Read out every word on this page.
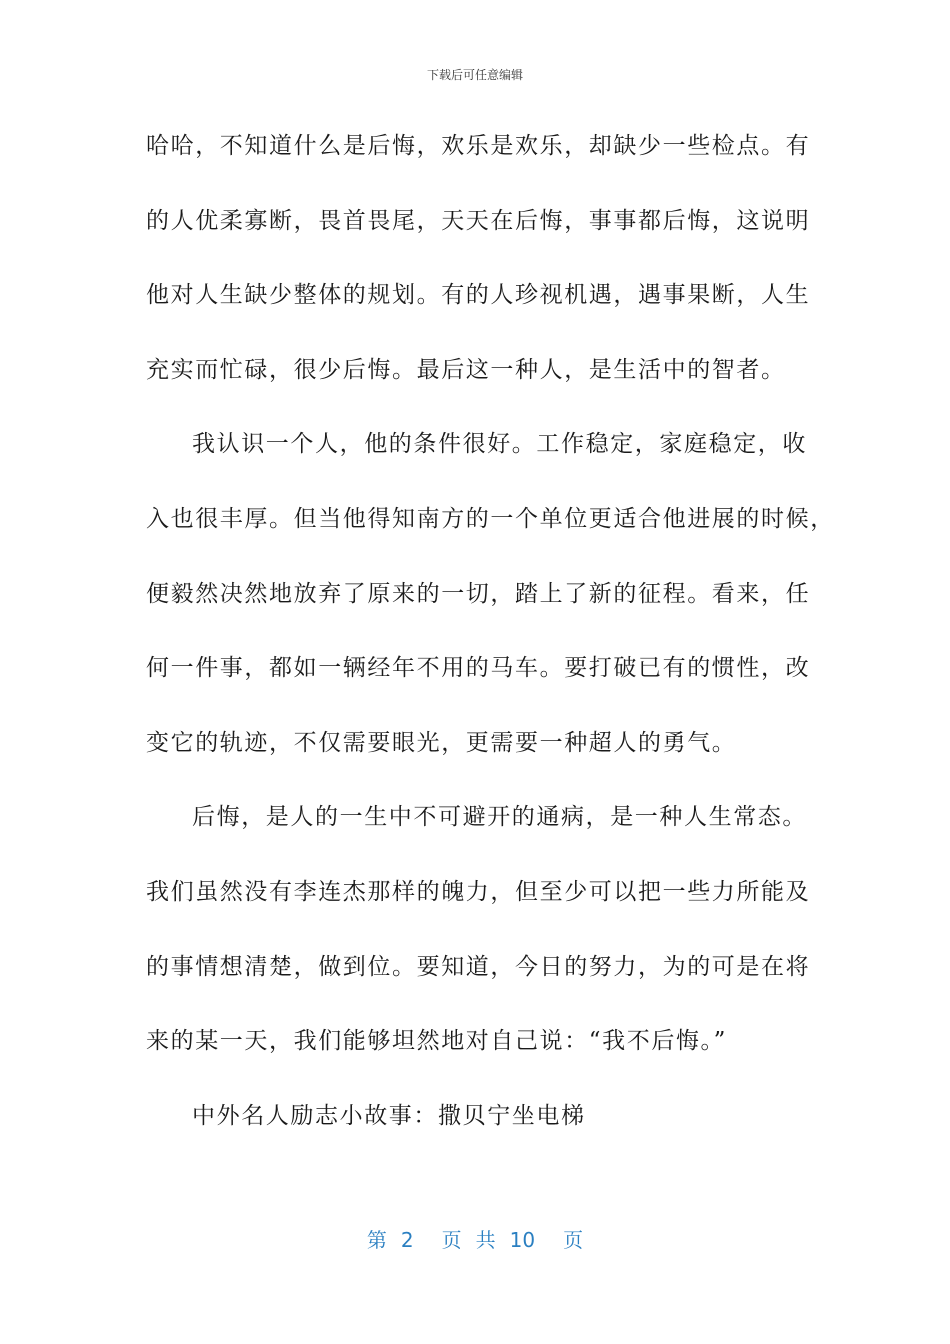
下载后可任意编辑
哈哈，不知道什么是后悔，欢乐是欢乐，却缺少一些检点。有
的人优柔寡断，畏首畏尾，天天在后悔，事事都后悔，这说明
他对人生缺少整体的规划。有的人珍视机遇，遇事果断，人生
充实而忙碌，很少后悔。最后这一种人，是生活中的智者。
我认识一个人，他的条件很好。工作稳定，家庭稳定，收
入也很丰厚。但当他得知南方的一个单位更适合他进展的时候，
便毅然决然地放弃了原来的一切，踏上了新的征程。看来，任
何一件事，都如一辆经年不用的马车。要打破已有的惯性，改
变它的轨迹，不仅需要眼光，更需要一种超人的勇气。
后悔，是人的一生中不可避开的通病，是一种人生常态。
我们虽然没有李连杰那样的魄力，但至少可以把一些力所能及
的事情想清楚，做到位。要知道，今日的努力，为的可是在将
来的某一天，我们能够坦然地对自己说：“我不后悔。”
中外名人励志小故事：撒贝宁坐电梯
第 2 页 共 10 页
